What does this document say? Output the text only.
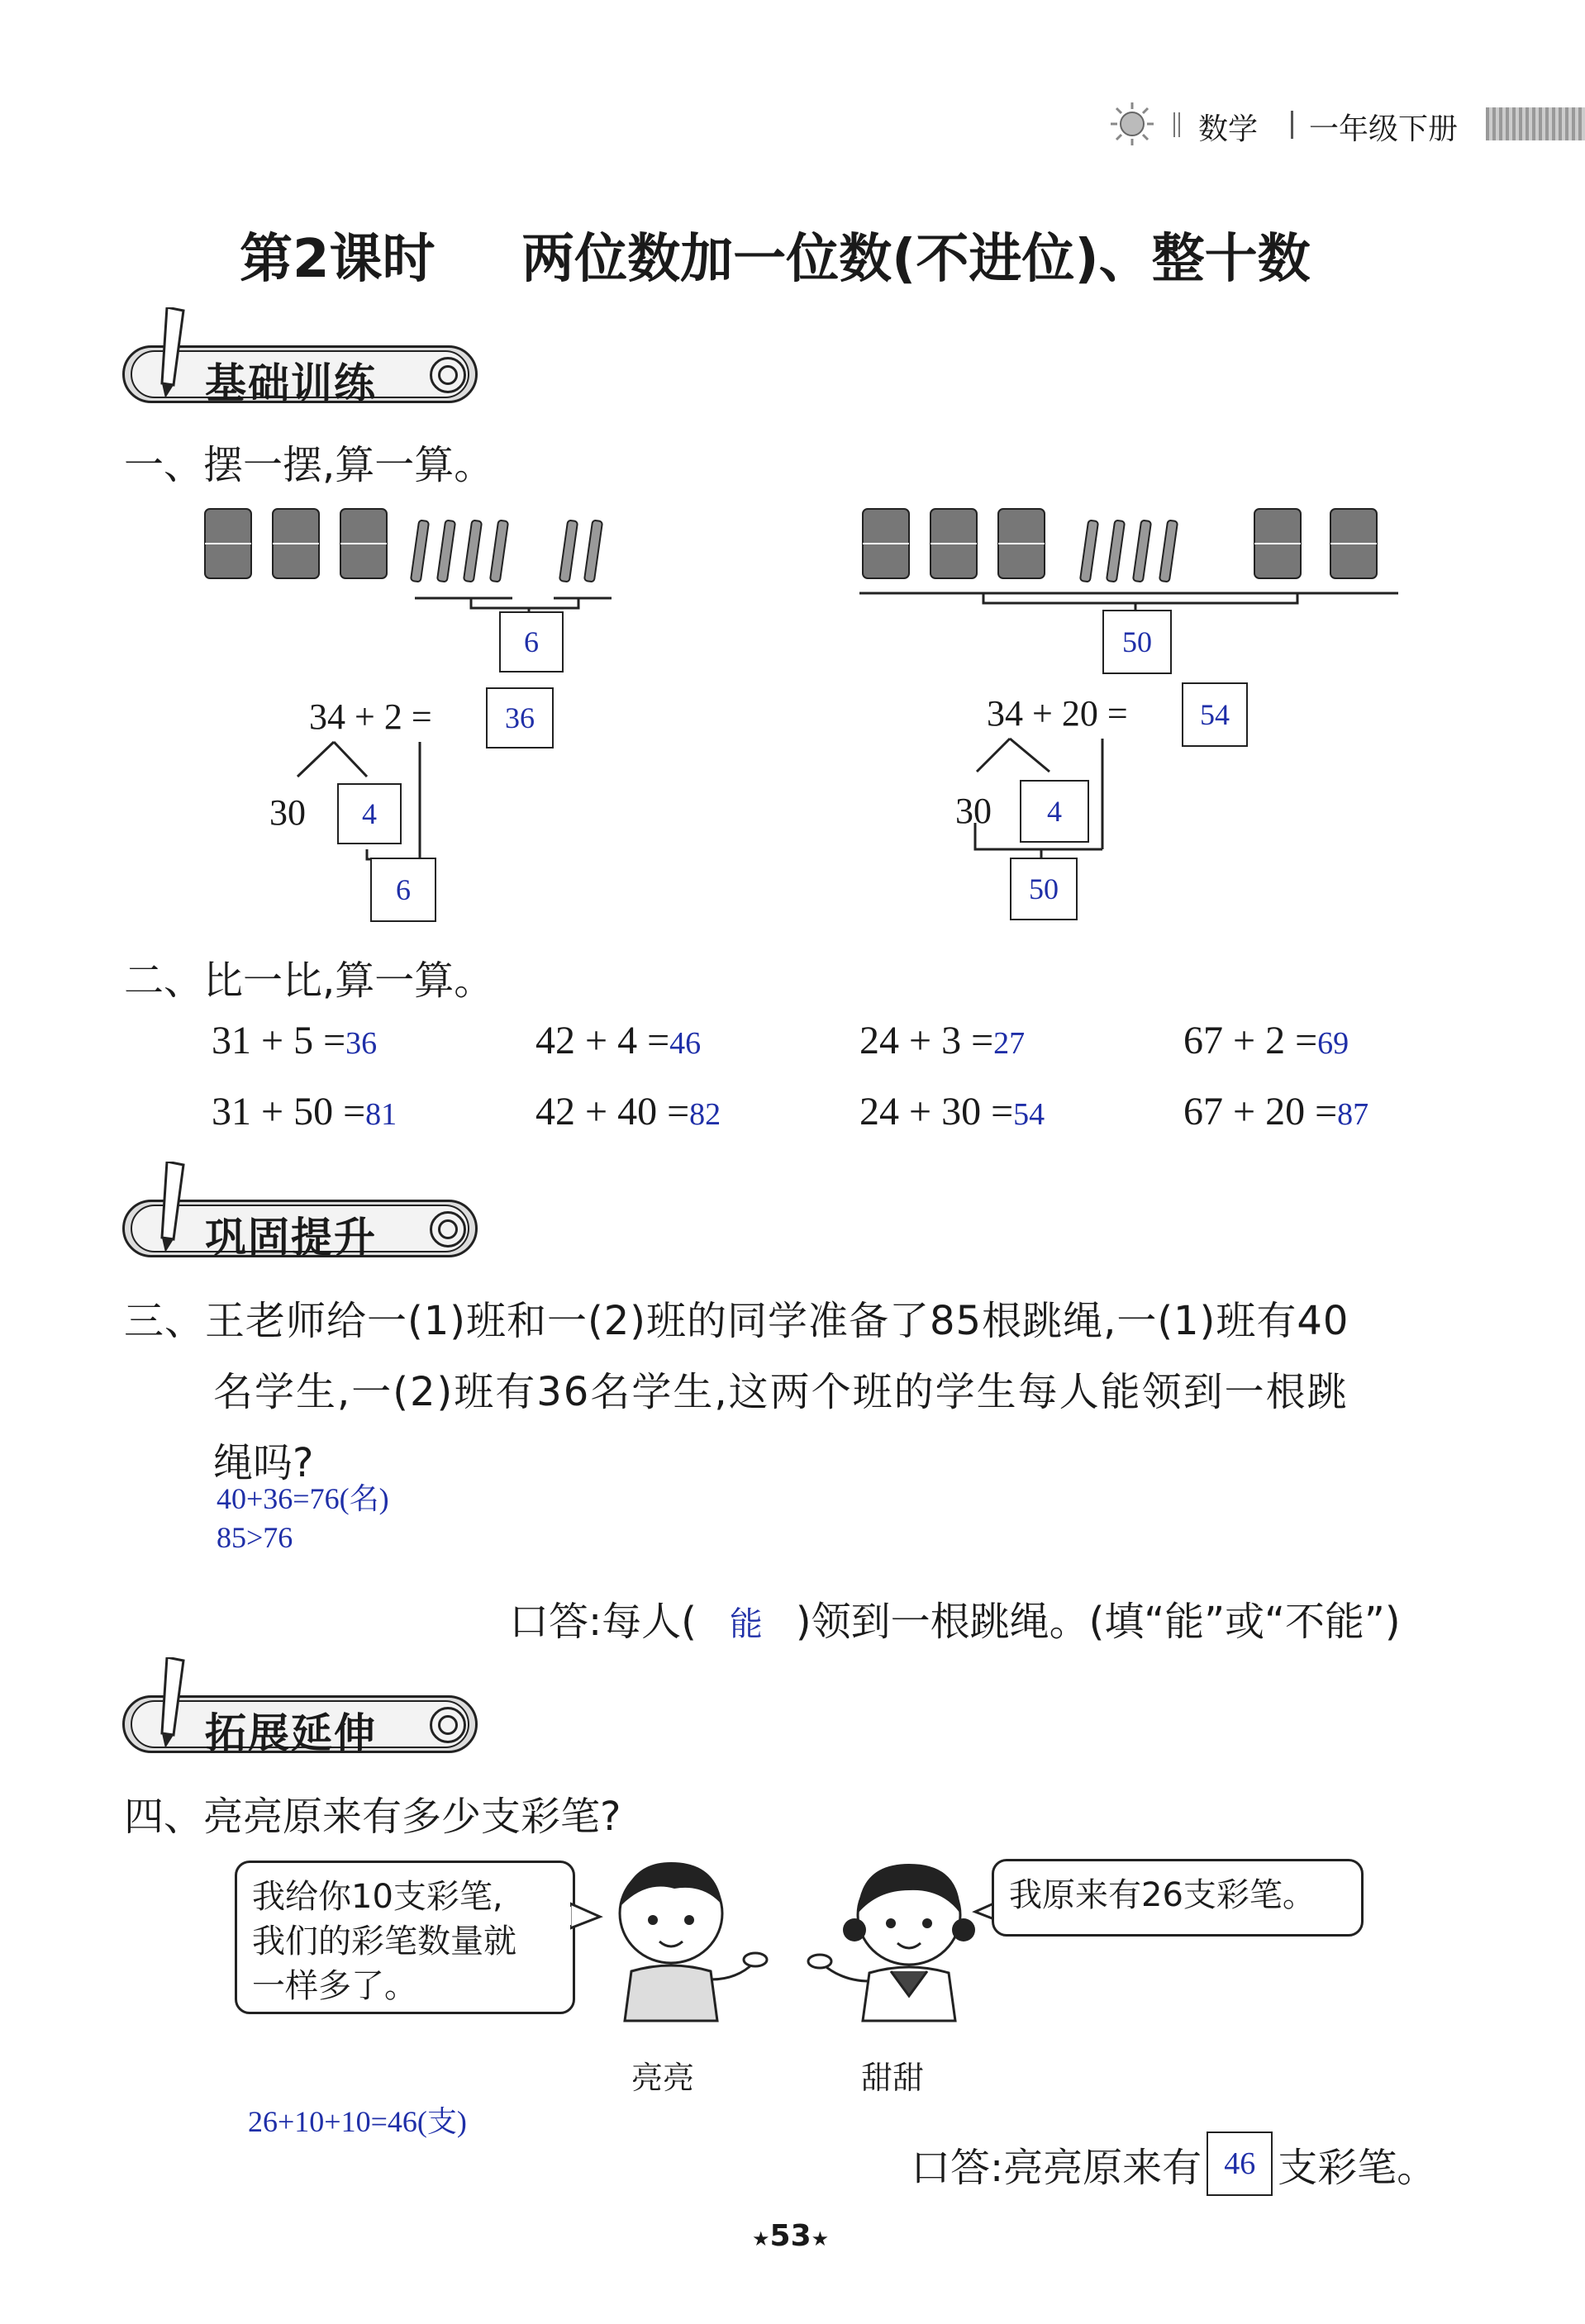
数学 一年级下册
第2课时 两位数加一位数(不进位)、整十数
基础训练
一、摆一摆,算一算。
6
34 + 2 =	36
30	4
6
50
34 + 20 =	54
30	4
50
二、比一比,算一算。
31 + 5 =36	42 + 4 =46	24 + 3 =27	67 + 2 =69
31 + 50 =81	42 + 40 =82	24 + 30 =54	67 + 20 =87
巩固提升
三、王老师给一(1)班和一(2)班的同学准备了85根跳绳,一(1)班有40
名学生,一(2)班有36名学生,这两个班的学生每人能领到一根跳
绳吗?
40+36=76(名)
85>76
口答:每人( 能 )领到一根跳绳。(填“能”或“不能”)
拓展延伸
四、亮亮原来有多少支彩笔?
我给你10支彩笔,
我们的彩笔数量就
一样多了。
我原来有26支彩笔。
亮亮	甜甜
26+10+10=46(支)
口答:亮亮原来有 46 支彩笔。
★53★
